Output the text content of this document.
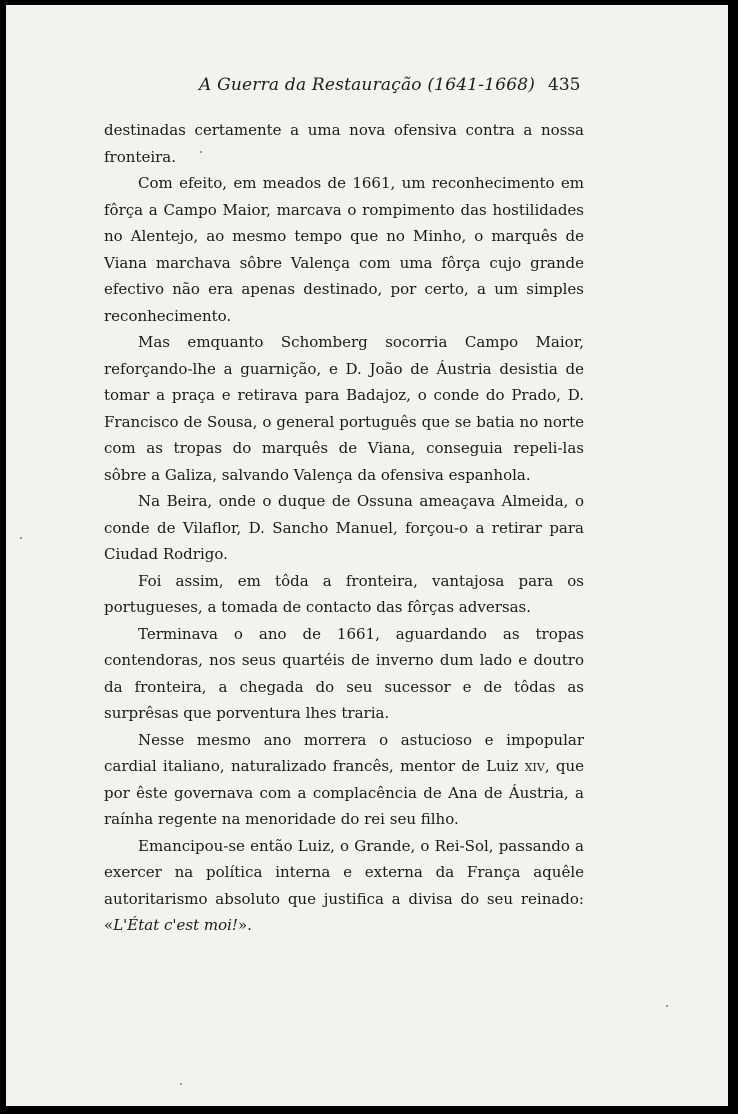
A Guerra da Restauração (1641-1668) 435

destinadas certamente a uma nova ofensiva contra a nossa fronteira.

Com efeito, em meados de 1661, um reconhecimento em fôrça a Campo Maior, marcava o rompimento das hostilidades no Alentejo, ao mesmo tempo que no Minho, o marquês de Viana marchava sôbre Valença com uma fôrça cujo grande efectivo não era apenas destinado, por certo, a um simples reconhecimento.

Mas emquanto Schomberg socorria Campo Maior, reforçando-lhe a guarnição, e D. João de Áustria desistia de tomar a praça e retirava para Badajoz, o conde do Prado, D. Francisco de Sousa, o general português que se batia no norte com as tropas do marquês de Viana, conseguia repeli-las sôbre a Galiza, salvando Valença da ofensiva espanhola.

Na Beira, onde o duque de Ossuna ameaçava Almeida, o conde de Vilaflor, D. Sancho Manuel, forçou-o a retirar para Ciudad Rodrigo.

Foi assim, em tôda a fronteira, vantajosa para os portugueses, a tomada de contacto das fôrças adversas.

Terminava o ano de 1661, aguardando as tropas contendoras, nos seus quartéis de inverno dum lado e doutro da fronteira, a chegada do seu sucessor e de tôdas as surprêsas que porventura lhes traria.

Nesse mesmo ano morrera o astucioso e impopular cardial italiano, naturalizado francês, mentor de Luiz xiv, que por êste governava com a complacência de Ana de Áustria, a raínha regente na menoridade do rei seu filho.

Emancipou-se então Luiz, o Grande, o Rei-Sol, passando a exercer na política interna e externa da França aquêle autoritarismo absoluto que justifica a divisa do seu reinado: «L'État c'est moi!».
